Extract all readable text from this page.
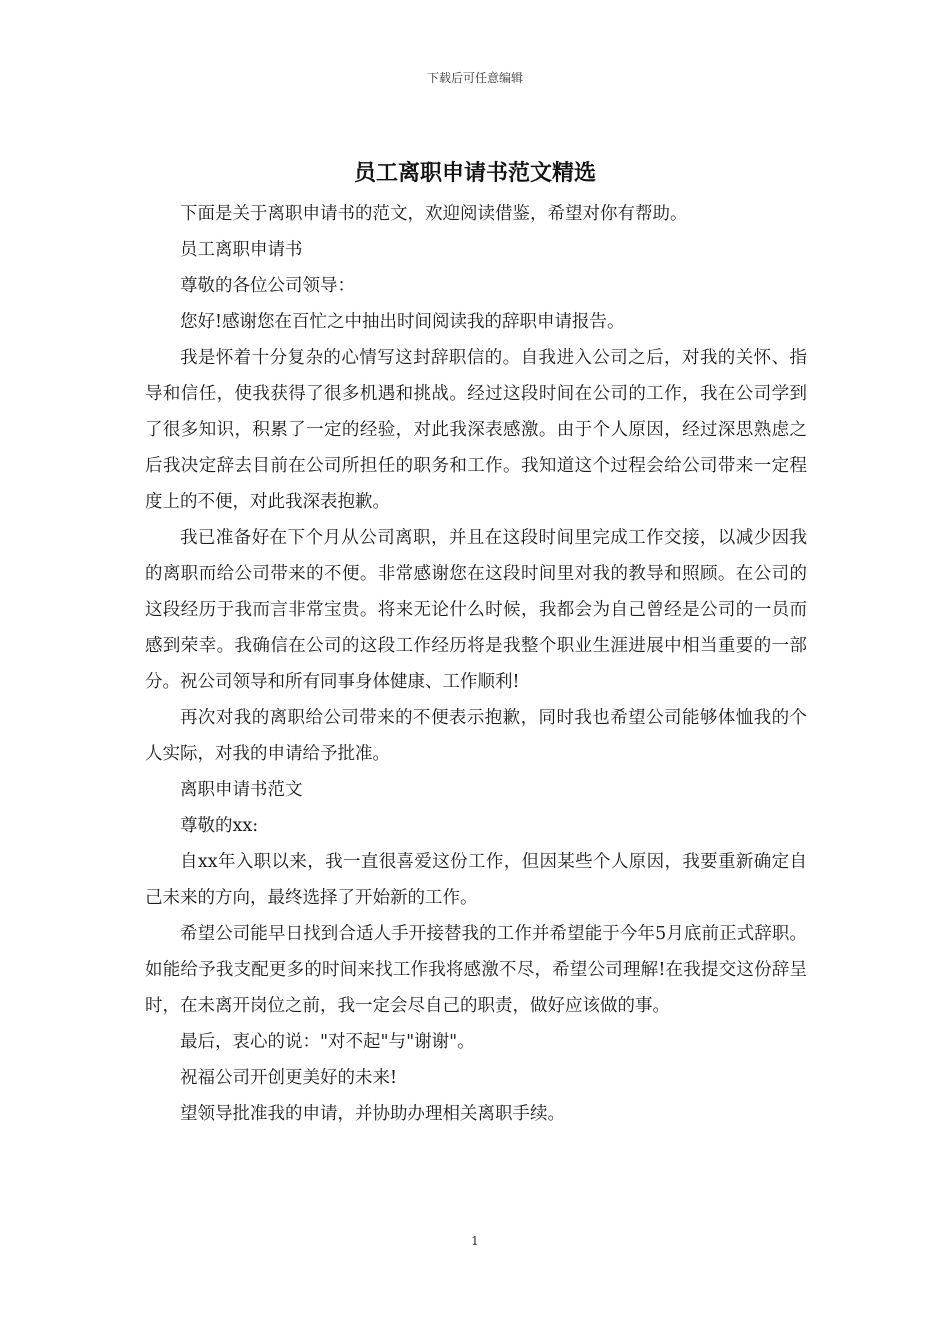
下载后可任意编辑
员工离职申请书范文精选

下面是关于离职申请书的范文，欢迎阅读借鉴，希望对你有帮助。

员工离职申请书

尊敬的各位公司领导：

您好!感谢您在百忙之中抽出时间阅读我的辞职申请报告。

我是怀着十分复杂的心情写这封辞职信的。自我进入公司之后，对我的关怀、指导和信任，使我获得了很多机遇和挑战。经过这段时间在公司的工作，我在公司学到了很多知识，积累了一定的经验，对此我深表感激。由于个人原因，经过深思熟虑之后我决定辞去目前在公司所担任的职务和工作。我知道这个过程会给公司带来一定程度上的不便，对此我深表抱歉。

我已准备好在下个月从公司离职，并且在这段时间里完成工作交接，以减少因我的离职而给公司带来的不便。非常感谢您在这段时间里对我的教导和照顾。在公司的这段经历于我而言非常宝贵。将来无论什么时候，我都会为自己曾经是公司的一员而感到荣幸。我确信在公司的这段工作经历将是我整个职业生涯进展中相当重要的一部分。祝公司领导和所有同事身体健康、工作顺利!

再次对我的离职给公司带来的不便表示抱歉，同时我也希望公司能够体恤我的个人实际，对我的申请给予批准。

离职申请书范文

尊敬的xx:

自xx年入职以来，我一直很喜爱这份工作，但因某些个人原因，我要重新确定自己未来的方向，最终选择了开始新的工作。

希望公司能早日找到合适人手开接替我的工作并希望能于今年5月底前正式辞职。如能给予我支配更多的时间来找工作我将感激不尽，希望公司理解!在我提交这份辞呈时，在未离开岗位之前，我一定会尽自己的职责，做好应该做的事。

最后，衷心的说："对不起"与"谢谢"。

祝福公司开创更美好的未来!

望领导批准我的申请，并协助办理相关离职手续。

1
